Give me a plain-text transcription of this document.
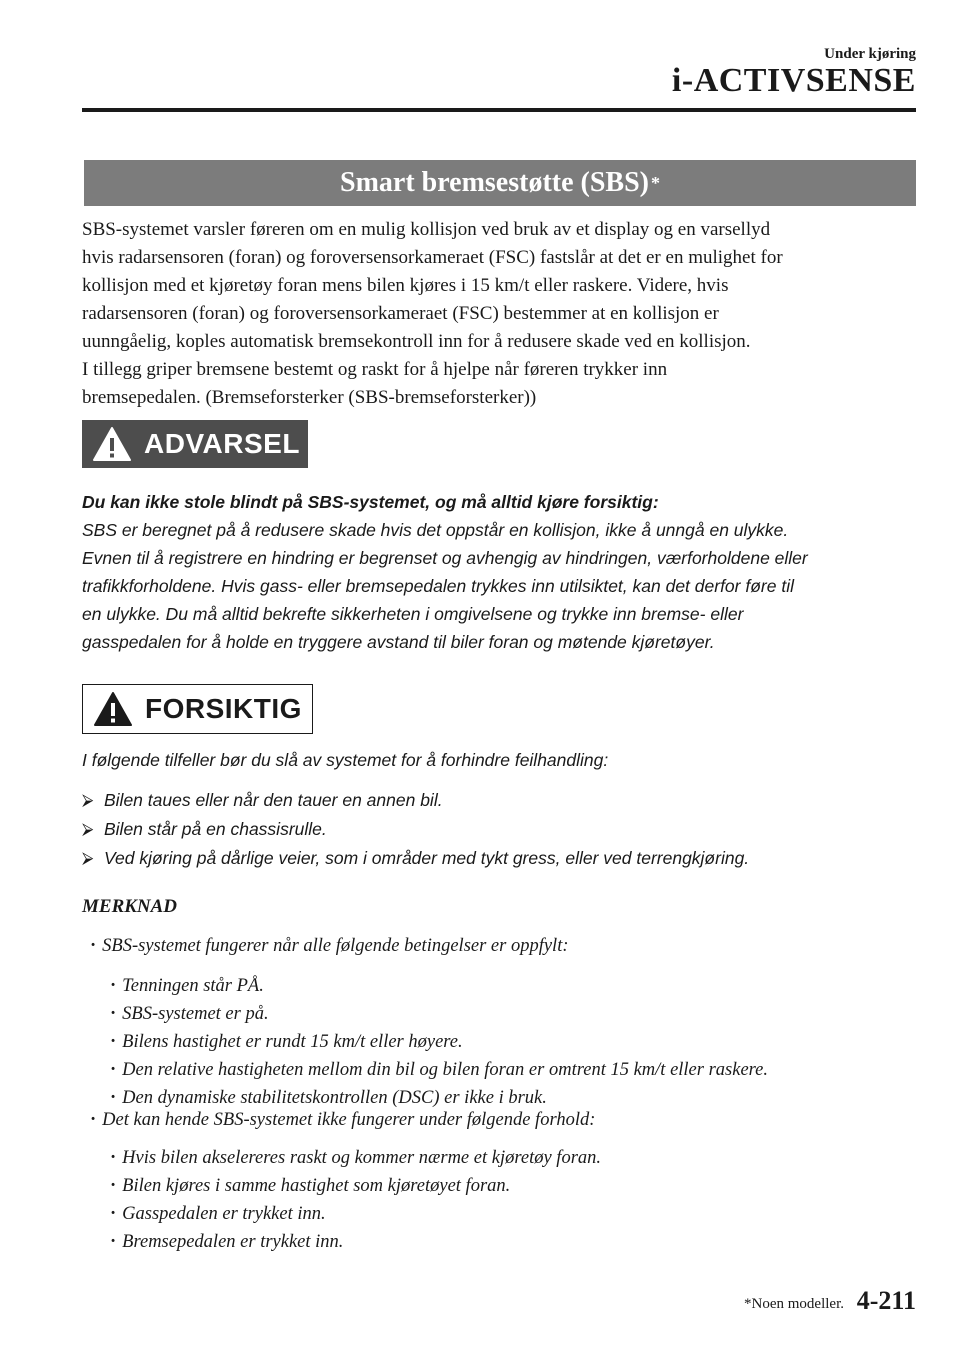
Under kjøring
i-ACTIVSENSE
Smart bremsestøtte (SBS) *

SBS-systemet varsler føreren om en mulig kollisjon ved bruk av et display og en varsellyd

hvis radarsensoren (foran) og foroversensorkameraet (FSC) fastslår at det er en mulighet for

kollisjon med et kjøretøy foran mens bilen kjøres i 15 km/t eller raskere. Videre, hvis

radarsensoren (foran) og foroversensorkameraet (FSC) bestemmer at en kollisjon er

uunngåelig, koples automatisk bremsekontroll inn for å redusere skade ved en kollisjon.

I tillegg griper bremsene bestemt og raskt for å hjelpe når føreren trykker inn

bremsepedalen. (Bremseforsterker (SBS-bremseforsterker))

ADVARSEL

Du kan ikke stole blindt på SBS-systemet, og må alltid kjøre forsiktig:

SBS er beregnet på å redusere skade hvis det oppstår en kollisjon, ikke å unngå en ulykke.

Evnen til å registrere en hindring er begrenset og avhengig av hindringen, værforholdene eller

trafikkforholdene. Hvis gass- eller bremsepedalen trykkes inn utilsiktet, kan det derfor føre til

en ulykke. Du må alltid bekrefte sikkerheten i omgivelsene og trykke inn bremse- eller

gasspedalen for å holde en tryggere avstand til biler foran og møtende kjøretøyer.

FORSIKTIG
I følgende tilfeller bør du slå av systemet for å forhindre feilhandling:
⮚ Bilen taues eller når den tauer en annen bil.
⮚ Bilen står på en chassisrulle.
⮚ Ved kjøring på dårlige veier, som i områder med tykt gress, eller ved terrengkjøring.
MERKNAD
· SBS-systemet fungerer når alle følgende betingelser er oppfylt:
· Tenningen står PÅ.
· SBS-systemet er på.
· Bilens hastighet er rundt 15 km/t eller høyere.
· Den relative hastigheten mellom din bil og bilen foran er omtrent 15 km/t eller raskere.
· Den dynamiske stabilitetskontrollen (DSC) er ikke i bruk.
· Det kan hende SBS-systemet ikke fungerer under følgende forhold:
· Hvis bilen akselereres raskt og kommer nærme et kjøretøy foran.
· Bilen kjøres i samme hastighet som kjøretøyet foran.
· Gasspedalen er trykket inn.
· Bremsepedalen er trykket inn.
*Noen modeller. 4-211
